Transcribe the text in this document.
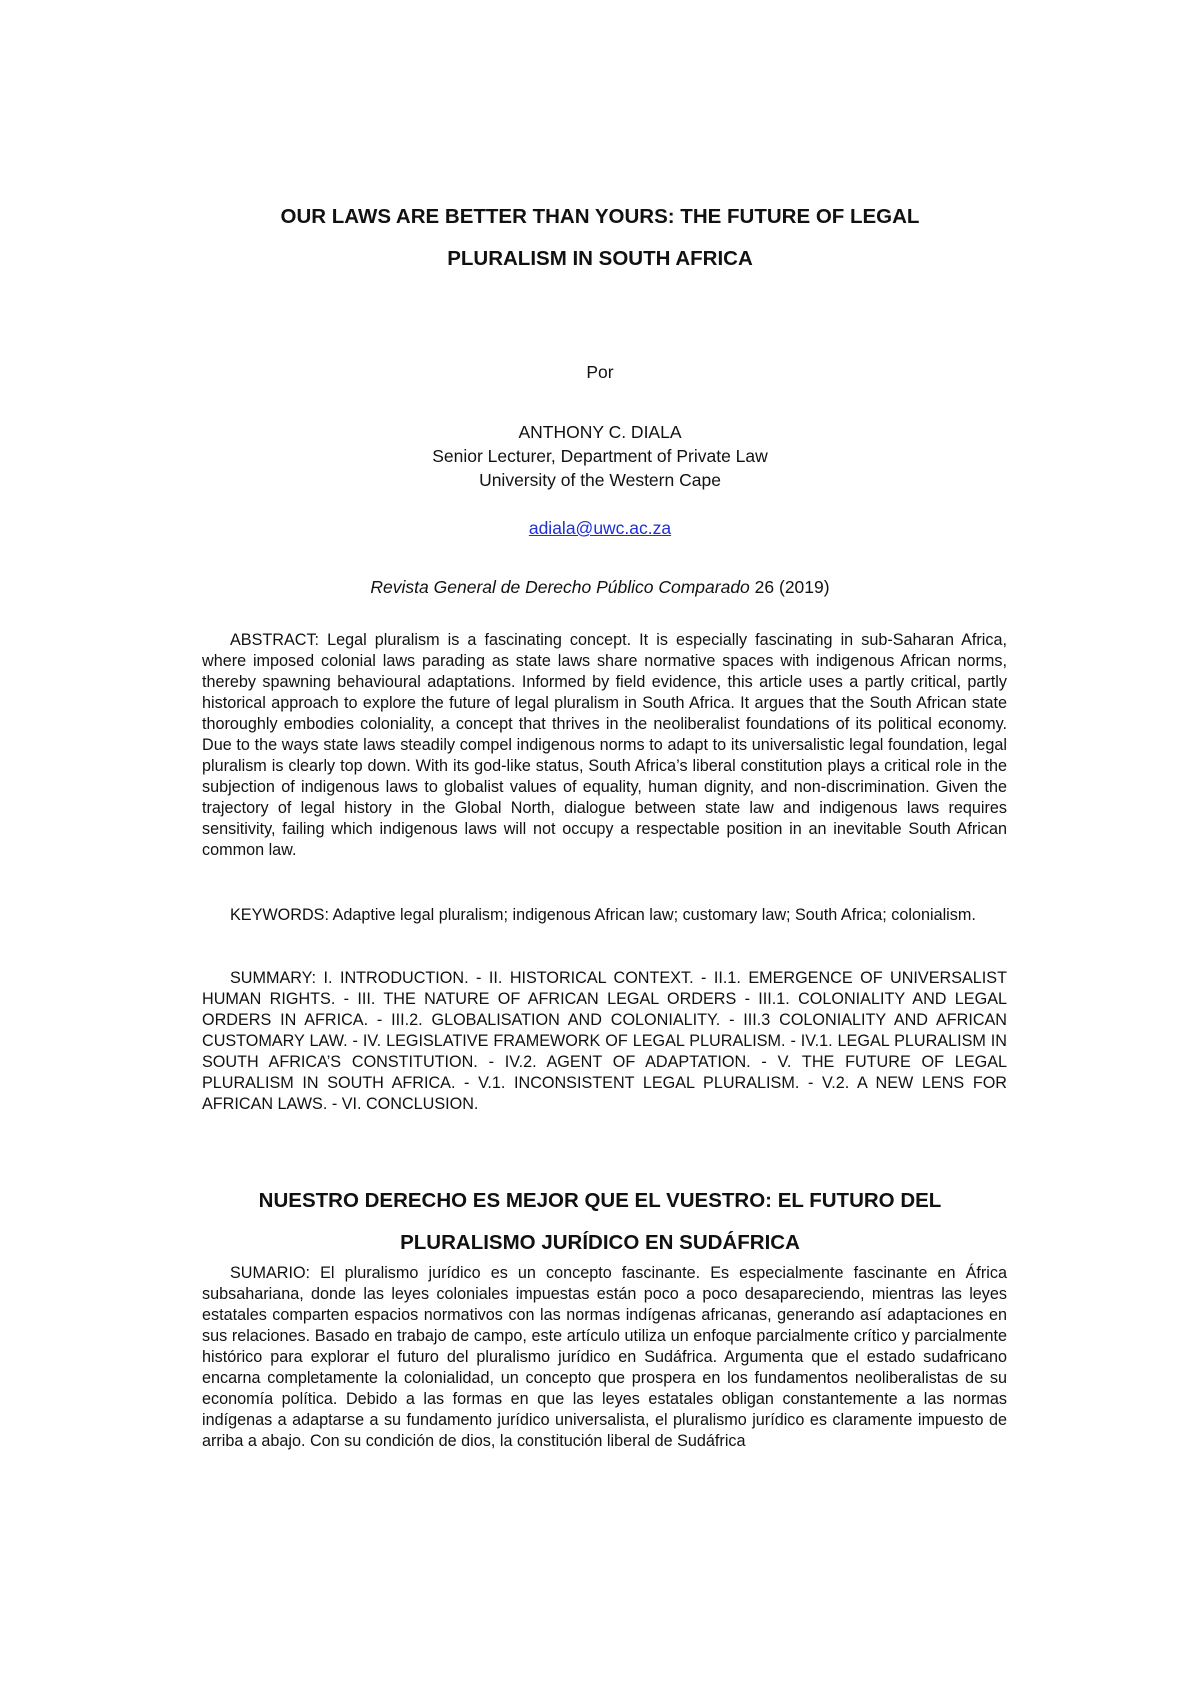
OUR LAWS ARE BETTER THAN YOURS: THE FUTURE OF LEGAL
PLURALISM IN SOUTH AFRICA
Por
ANTHONY C. DIALA
Senior Lecturer, Department of Private Law
University of the Western Cape
adiala@uwc.ac.za
Revista General de Derecho Público Comparado 26 (2019)

ABSTRACT: Legal pluralism is a fascinating concept. It is especially fascinating in sub-Saharan Africa, where imposed colonial laws parading as state laws share normative spaces with indigenous African norms, thereby spawning behavioural adaptations. Informed by field evidence, this article uses a partly critical, partly historical approach to explore the future of legal pluralism in South Africa. It argues that the South African state thoroughly embodies coloniality, a concept that thrives in the neoliberalist foundations of its political economy. Due to the ways state laws steadily compel indigenous norms to adapt to its universalistic legal foundation, legal pluralism is clearly top down. With its god-like status, South Africa’s liberal constitution plays a critical role in the subjection of indigenous laws to globalist values of equality, human dignity, and non-discrimination. Given the trajectory of legal history in the Global North, dialogue between state law and indigenous laws requires sensitivity, failing which indigenous laws will not occupy a respectable position in an inevitable South African common law.

KEYWORDS: Adaptive legal pluralism; indigenous African law; customary law; South Africa; colonialism.

SUMMARY: I. INTRODUCTION. - II. HISTORICAL CONTEXT. - II.1. EMERGENCE OF UNIVERSALIST HUMAN RIGHTS. - III. THE NATURE OF AFRICAN LEGAL ORDERS - III.1. COLONIALITY AND LEGAL ORDERS IN AFRICA. - III.2. GLOBALISATION AND COLONIALITY. - III.3 COLONIALITY AND AFRICAN CUSTOMARY LAW. - IV. LEGISLATIVE FRAMEWORK OF LEGAL PLURALISM. - IV.1. LEGAL PLURALISM IN SOUTH AFRICA’S CONSTITUTION. - IV.2. AGENT OF ADAPTATION. - V. THE FUTURE OF LEGAL PLURALISM IN SOUTH AFRICA. - V.1. INCONSISTENT LEGAL PLURALISM. - V.2. A NEW LENS FOR AFRICAN LAWS. - VI. CONCLUSION.

NUESTRO DERECHO ES MEJOR QUE EL VUESTRO: EL FUTURO DEL
PLURALISMO JURÍDICO EN SUDÁFRICA

SUMARIO: El pluralismo jurídico es un concepto fascinante. Es especialmente fascinante en África subsahariana, donde las leyes coloniales impuestas están poco a poco desapareciendo, mientras las leyes estatales comparten espacios normativos con las normas indígenas africanas, generando así adaptaciones en sus relaciones. Basado en trabajo de campo, este artículo utiliza un enfoque parcialmente crítico y parcialmente histórico para explorar el futuro del pluralismo jurídico en Sudáfrica. Argumenta que el estado sudafricano encarna completamente la colonialidad, un concepto que prospera en los fundamentos neoliberalistas de su economía política. Debido a las formas en que las leyes estatales obligan constantemente a las normas indígenas a adaptarse a su fundamento jurídico universalista, el pluralismo jurídico es claramente impuesto de arriba a abajo. Con su condición de dios, la constitución liberal de Sudáfrica
